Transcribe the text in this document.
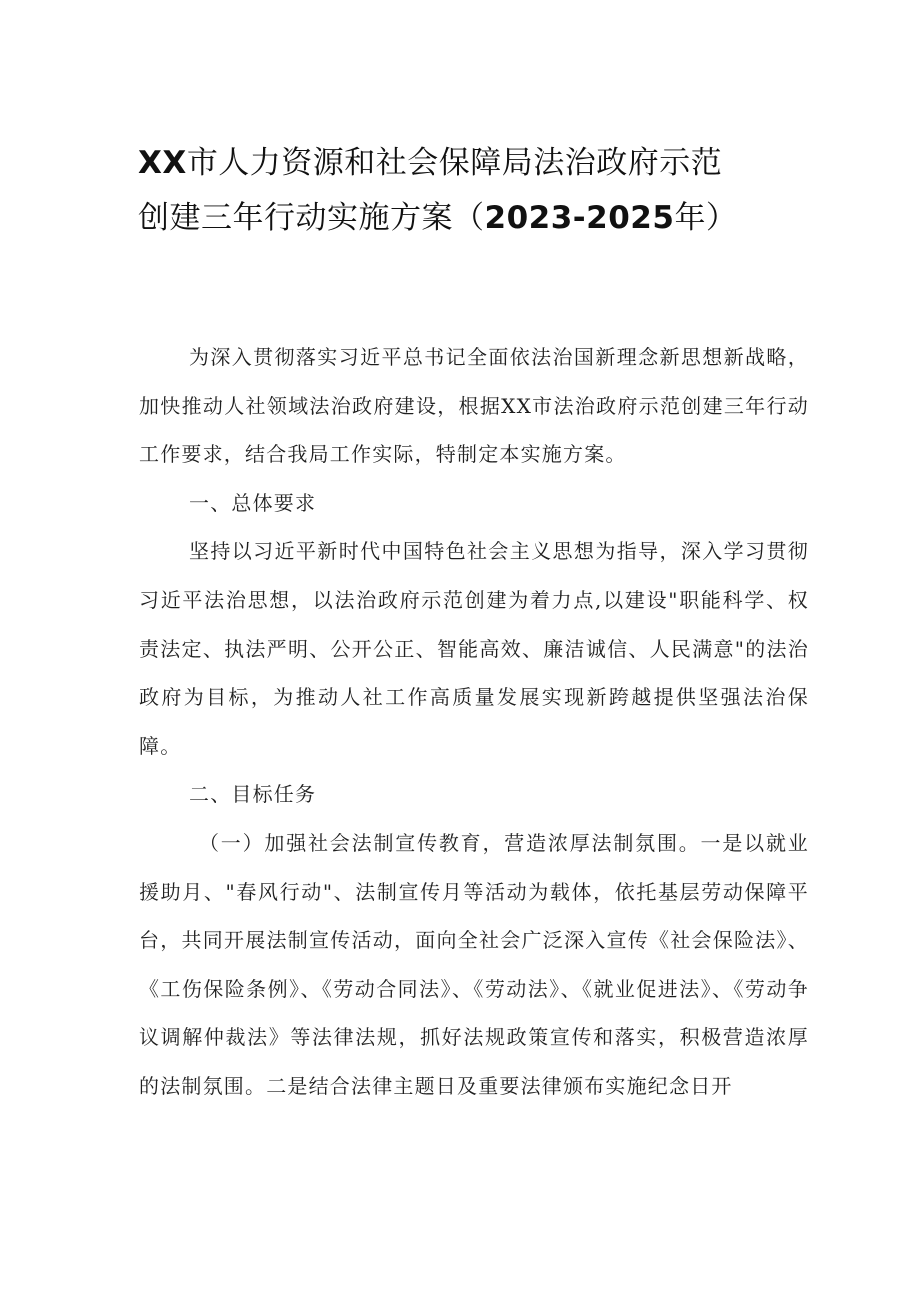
XX市人力资源和社会保障局法治政府示范
创建三年行动实施方案（2023-2025年）

为深入贯彻落实习近平总书记全面依法治国新理念新思想新战略，加快推动人社领域法治政府建设，根据XX市法治政府示范创建三年行动工作要求，结合我局工作实际，特制定本实施方案。

一、总体要求

坚持以习近平新时代中国特色社会主义思想为指导，深入学习贯彻习近平法治思想，以法治政府示范创建为着力点,以建设"职能科学、权责法定、执法严明、公开公正、智能高效、廉洁诚信、人民满意"的法治政府为目标，为推动人社工作高质量发展实现新跨越提供坚强法治保障。

二、目标任务

（一）加强社会法制宣传教育，营造浓厚法制氛围。一是以就业援助月、"春风行动"、法制宣传月等活动为载体，依托基层劳动保障平台，共同开展法制宣传活动，面向全社会广泛深入宣传《社会保险法》、《工伤保险条例》、《劳动合同法》、《劳动法》、《就业促进法》、《劳动争议调解仲裁法》等法律法规，抓好法规政策宣传和落实，积极营造浓厚的法制氛围。二是结合法律主题日及重要法律颁布实施纪念日开
